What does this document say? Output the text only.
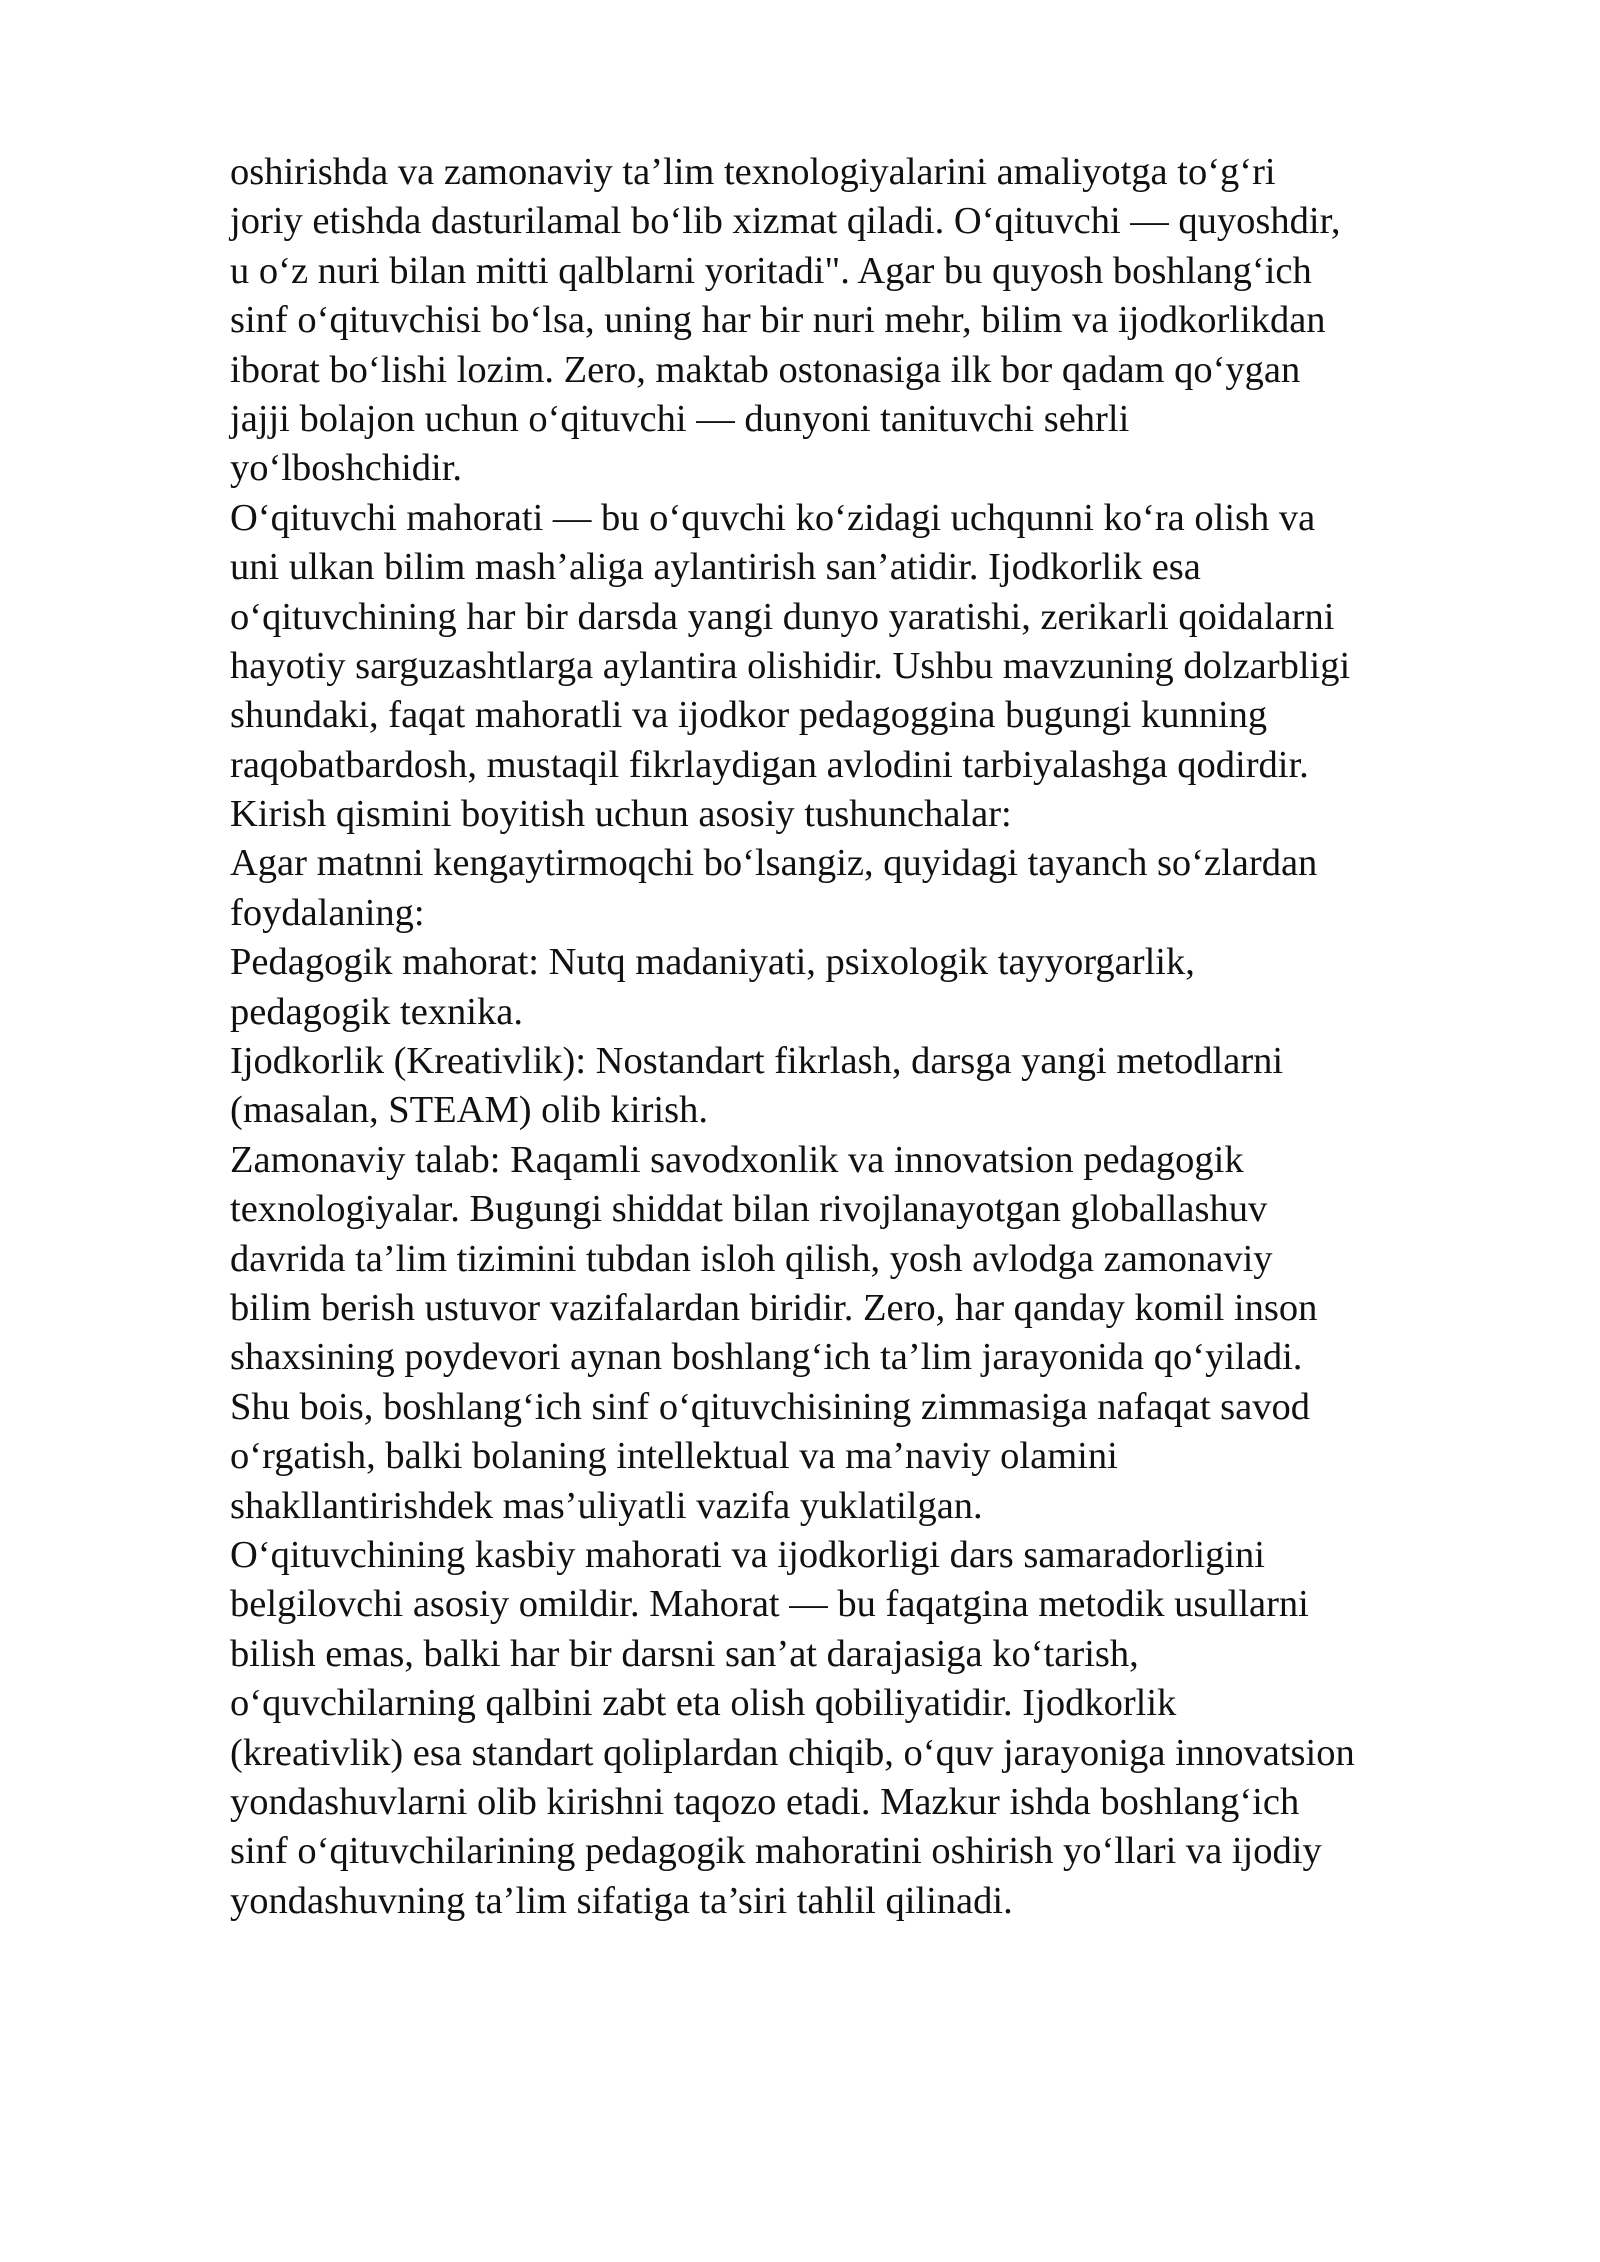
oshirishda va zamonaviy ta’lim texnologiyalarini amaliyotga to‘g‘ri
joriy etishda dasturilamal bo‘lib xizmat qiladi. O‘qituvchi — quyoshdir,
u o‘z nuri bilan mitti qalblarni yoritadi". Agar bu quyosh boshlang‘ich
sinf o‘qituvchisi bo‘lsa, uning har bir nuri mehr, bilim va ijodkorlikdan
iborat bo‘lishi lozim. Zero, maktab ostonasiga ilk bor qadam qo‘ygan
jajji bolajon uchun o‘qituvchi — dunyoni tanituvchi sehrli
yo‘lboshchidir.
O‘qituvchi mahorati — bu o‘quvchi ko‘zidagi uchqunni ko‘ra olish va
uni ulkan bilim mash’aliga aylantirish san’atidir. Ijodkorlik esa
o‘qituvchining har bir darsda yangi dunyo yaratishi, zerikarli qoidalarni
hayotiy sarguzashtlarga aylantira olishidir. Ushbu mavzuning dolzarbligi
shundaki, faqat mahoratli va ijodkor pedagoggina bugungi kunning
raqobatbardosh, mustaqil fikrlaydigan avlodini tarbiyalashga qodirdir.
Kirish qismini boyitish uchun asosiy tushunchalar:
Agar matnni kengaytirmoqchi bo‘lsangiz, quyidagi tayanch so‘zlardan
foydalaning:
Pedagogik mahorat: Nutq madaniyati, psixologik tayyorgarlik,
pedagogik texnika.
Ijodkorlik (Kreativlik): Nostandart fikrlash, darsga yangi metodlarni
(masalan, STEAM) olib kirish.
Zamonaviy talab: Raqamli savodxonlik va innovatsion pedagogik
texnologiyalar. Bugungi shiddat bilan rivojlanayotgan globallashuv
davrida ta’lim tizimini tubdan isloh qilish, yosh avlodga zamonaviy
bilim berish ustuvor vazifalardan biridir. Zero, har qanday komil inson
shaxsining poydevori aynan boshlang‘ich ta’lim jarayonida qo‘yiladi.
Shu bois, boshlang‘ich sinf o‘qituvchisining zimmasiga nafaqat savod
o‘rgatish, balki bolaning intellektual va ma’naviy olamini
shakllantirishdek mas’uliyatli vazifa yuklatilgan.
O‘qituvchining kasbiy mahorati va ijodkorligi dars samaradorligini
belgilovchi asosiy omildir. Mahorat — bu faqatgina metodik usullarni
bilish emas, balki har bir darsni san’at darajasiga ko‘tarish,
o‘quvchilarning qalbini zabt eta olish qobiliyatidir. Ijodkorlik
(kreativlik) esa standart qoliplardan chiqib, o‘quv jarayoniga innovatsion
yondashuvlarni olib kirishni taqozo etadi. Mazkur ishda boshlang‘ich
sinf o‘qituvchilarining pedagogik mahoratini oshirish yo‘llari va ijodiy
yondashuvning ta’lim sifatiga ta’siri tahlil qilinadi.
